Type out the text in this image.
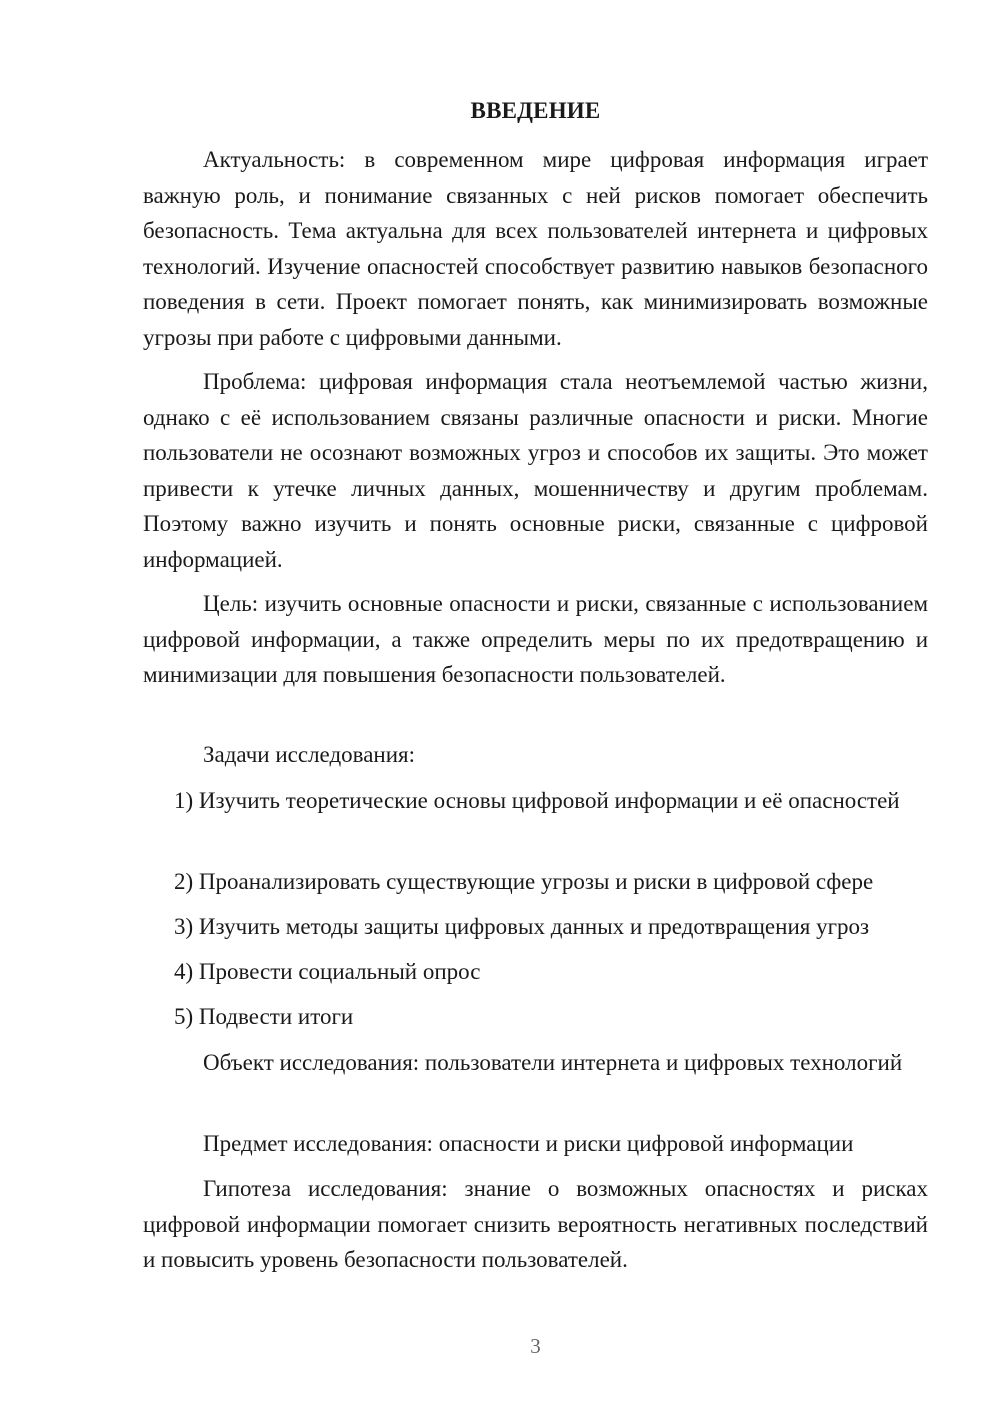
ВВЕДЕНИЕ

Актуальность: в современном мире цифровая информация играет важную роль, и понимание связанных с ней рисков помогает обеспечить безопасность. Тема актуальна для всех пользователей интернета и цифровых технологий. Изучение опасностей способствует развитию навыков безопасного поведения в сети. Проект помогает понять, как минимизировать возможные угрозы при работе с цифровыми данными.

Проблема: цифровая информация стала неотъемлемой частью жизни, однако с её использованием связаны различные опасности и риски. Многие пользователи не осознают возможных угроз и способов их защиты. Это может привести к утечке личных данных, мошенничеству и другим проблемам. Поэтому важно изучить и понять основные риски, связанные с цифровой информацией.

Цель: изучить основные опасности и риски, связанные с использованием цифровой информации, а также определить меры по их предотвращению и минимизации для повышения безопасности пользователей.

Задачи исследования:

1) Изучить теоретические основы цифровой информации и её опасностей

2) Проанализировать существующие угрозы и риски в цифровой сфере

3) Изучить методы защиты цифровых данных и предотвращения угроз

4) Провести социальный опрос

5) Подвести итоги

Объект исследования: пользователи интернета и цифровых технологий

Предмет исследования: опасности и риски цифровой информации

Гипотеза исследования: знание о возможных опасностях и рисках цифровой информации помогает снизить вероятность негативных последствий и повысить уровень безопасности пользователей.

3
